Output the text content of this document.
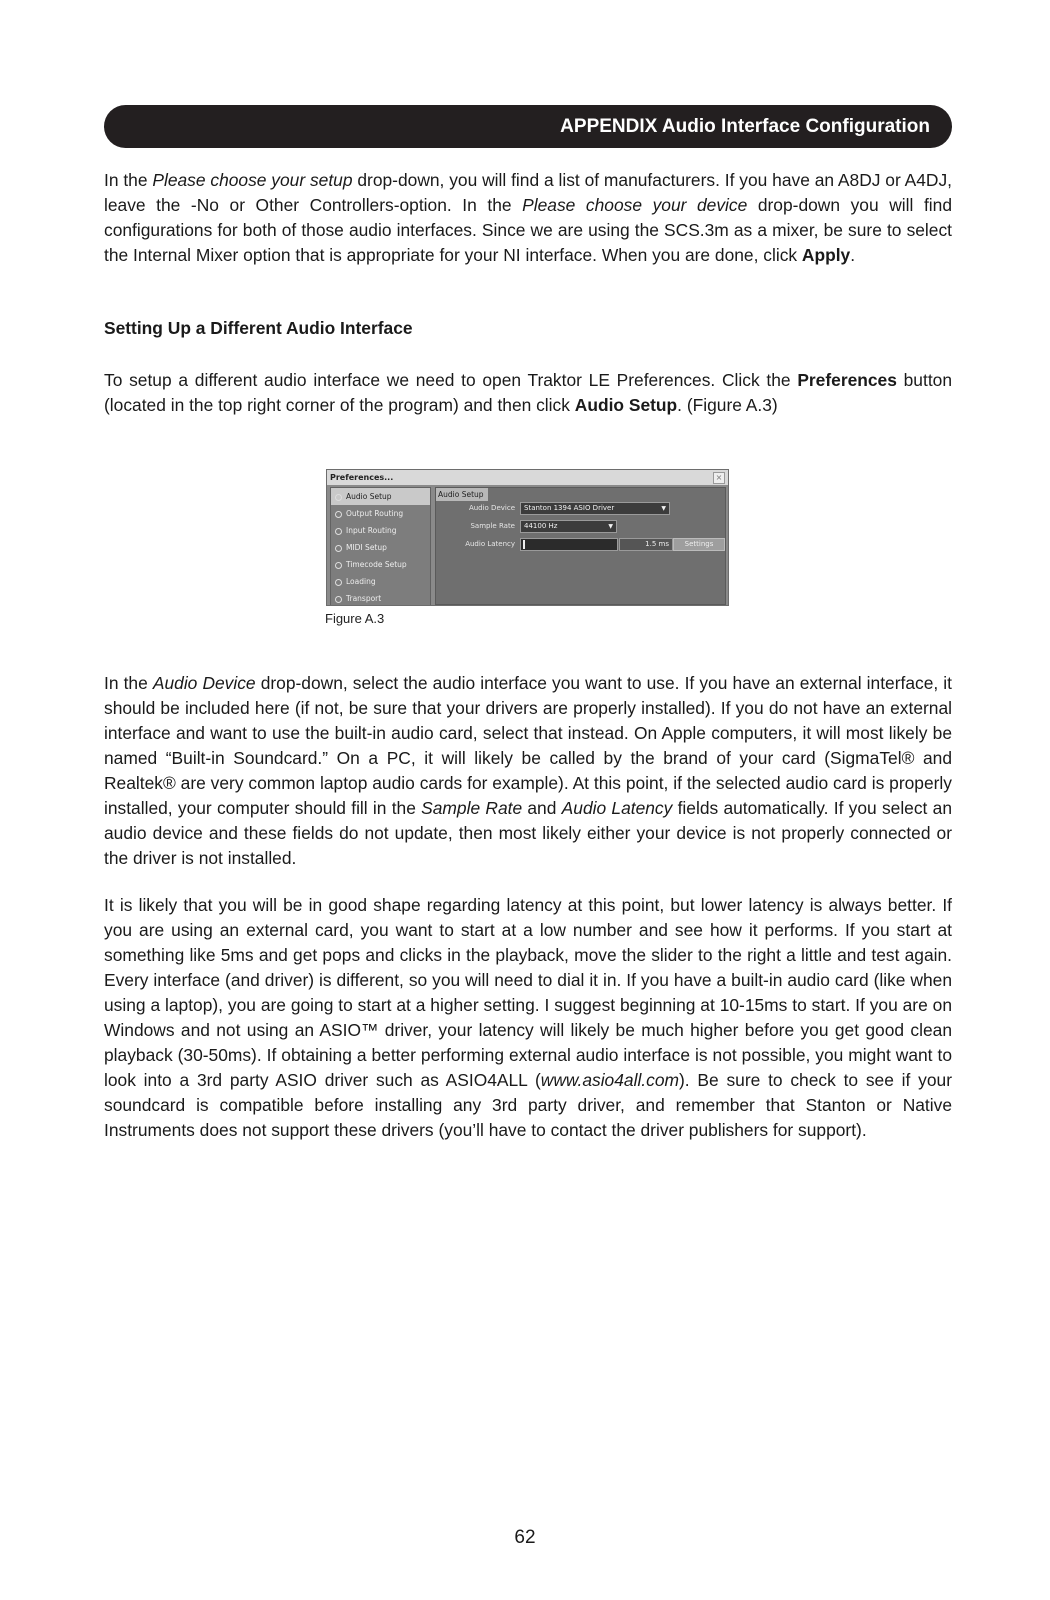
APPENDIX Audio Interface Configuration

In the Please choose your setup drop-down, you will find a list of manufacturers. If you have an A8DJ or A4DJ, leave the -No or Other Controllers-option. In the Please choose your device drop-down you will find configurations for both of those audio interfaces. Since we are using the SCS.3m as a mixer, be sure to select the Internal Mixer option that is appropriate for your NI interface. When you are done, click Apply.

Setting Up a Different Audio Interface

To setup a different audio interface we need to open Traktor LE Preferences. Click the Preferences button (located in the top right corner of the program) and then click Audio Setup. (Figure A.3)

Preferences...	×
Audio Setup
Output Routing
Input Routing
MIDI Setup
Timecode Setup
Loading
Transport
Audio Setup
Audio Device	Stanton 1394 ASIO Driver	▼
Sample Rate	44100 Hz	▼
Audio Latency	1.5 ms	Settings
Figure A.3

In the Audio Device drop-down, select the audio interface you want to use. If you have an external interface, it should be included here (if not, be sure that your drivers are properly installed). If you do not have an external interface and want to use the built-in audio card, select that instead. On Apple computers, it will most likely be named “Built-in Soundcard.” On a PC, it will likely be called by the brand of your card (SigmaTel® and Realtek® are very common laptop audio cards for example). At this point, if the selected audio card is properly installed, your computer should fill in the Sample Rate and Audio Latency fields automatically. If you select an audio device and these fields do not update, then most likely either your device is not properly connected or the driver is not installed.

It is likely that you will be in good shape regarding latency at this point, but lower latency is always better. If you are using an external card, you want to start at a low number and see how it performs. If you start at something like 5ms and get pops and clicks in the playback, move the slider to the right a little and test again. Every interface (and driver) is different, so you will need to dial it in. If you have a built-in audio card (like when using a laptop), you are going to start at a higher setting. I suggest beginning at 10-15ms to start. If you are on Windows and not using an ASIO™ driver, your latency will likely be much higher before you get good clean playback (30-50ms). If obtaining a better performing external audio interface is not possible, you might want to look into a 3rd party ASIO driver such as ASIO4ALL (www.asio4all.com). Be sure to check to see if your soundcard is compatible before installing any 3rd party driver, and remember that Stanton or Native Instruments does not support these drivers (you’ll have to contact the driver publishers for support).

62
